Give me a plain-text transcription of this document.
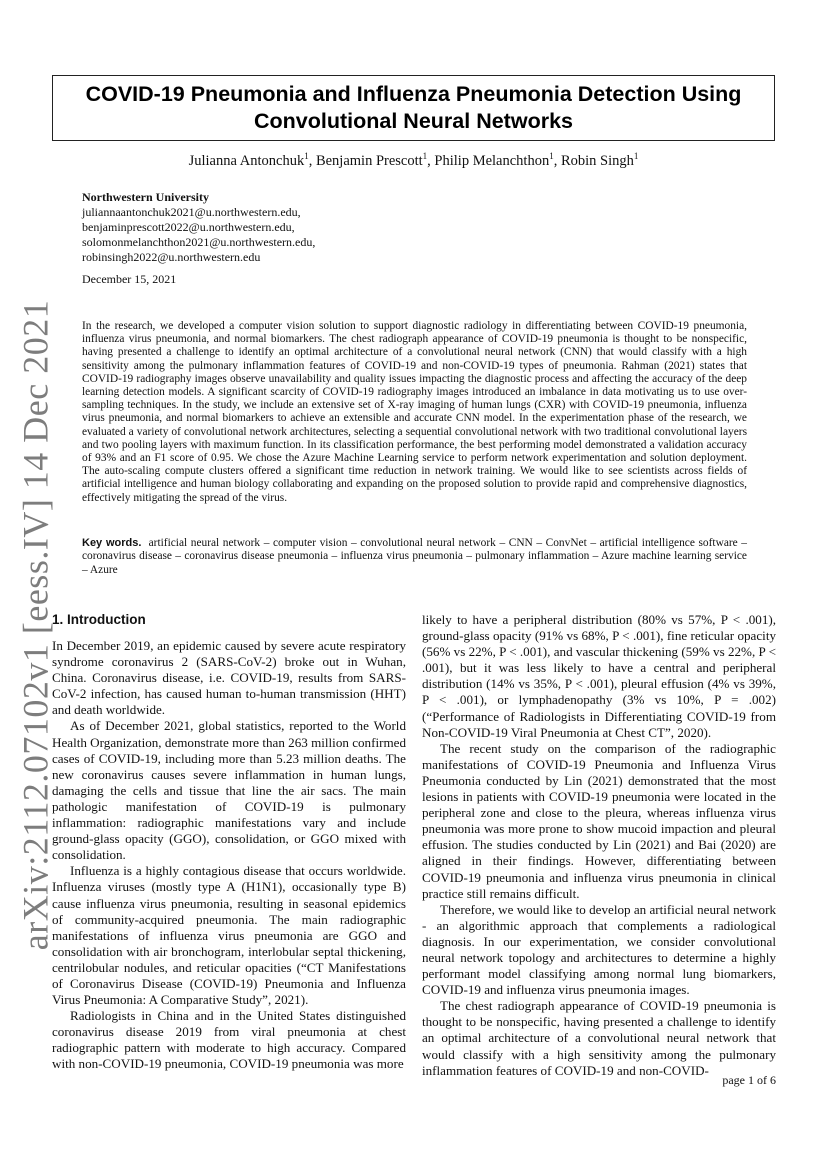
arXiv:2112.07102v1 [eess.IV] 14 Dec 2021
COVID-19 Pneumonia and Influenza Pneumonia Detection Using
Convolutional Neural Networks
Julianna Antonchuk$^1$, Benjamin Prescott$^1$, Philip Melanchthon$^1$, Robin Singh$^1$
Northwestern University
juliannaantonchuk2021@u.northwestern.edu,
benjaminprescott2022@u.northwestern.edu,
solomonmelanchthon2021@u.northwestern.edu,
robinsingh2022@u.northwestern.edu
December 15, 2021
In the research, we developed a computer vision solution to support diagnostic radiology in differentiating between COVID-19 pneumonia, influenza virus pneumonia, and normal biomarkers. The chest radiograph appearance of COVID-19 pneumonia is thought to be nonspecific, having presented a challenge to identify an optimal architecture of a convolutional neural network (CNN) that would classify with a high sensitivity among the pulmonary inflammation features of COVID-19 and non-COVID-19 types of pneumonia. Rahman (2021) states that COVID-19 radiography images observe unavailability and quality issues impacting the diagnostic process and affecting the accuracy of the deep learning detection models. A significant scarcity of COVID-19 radiography images introduced an imbalance in data motivating us to use over-sampling techniques. In the study, we include an extensive set of X-ray imaging of human lungs (CXR) with COVID-19 pneumonia, influenza virus pneumonia, and normal biomarkers to achieve an extensible and accurate CNN model. In the experimentation phase of the research, we evaluated a variety of convolutional network architectures, selecting a sequential convolutional network with two traditional convolutional layers and two pooling layers with maximum function. In its classification performance, the best performing model demonstrated a validation accuracy of 93% and an F1 score of 0.95. We chose the Azure Machine Learning service to perform network experimentation and solution deployment. The auto-scaling compute clusters offered a significant time reduction in network training. We would like to see scientists across fields of artificial intelligence and human biology collaborating and expanding on the proposed solution to provide rapid and comprehensive diagnostics, effectively mitigating the spread of the virus.
Key words. artificial neural network – computer vision – convolutional neural network – CNN – ConvNet – artificial intelligence software – coronavirus disease – coronavirus disease pneumonia – influenza virus pneumonia – pulmonary inflammation – Azure machine learning service – Azure
1. Introduction

In December 2019, an epidemic caused by severe acute respiratory syndrome coronavirus 2 (SARS-CoV-2) broke out in Wuhan, China. Coronavirus disease, i.e. COVID-19, results from SARS-CoV-2 infection, has caused human to-human transmission (HHT) and death worldwide.

As of December 2021, global statistics, reported to the World Health Organization, demonstrate more than 263 million confirmed cases of COVID-19, including more than 5.23 million deaths. The new coronavirus causes severe inflammation in human lungs, damaging the cells and tissue that line the air sacs. The main pathologic manifestation of COVID-19 is pulmonary inflammation: radiographic manifestations vary and include ground-glass opacity (GGO), consolidation, or GGO mixed with consolidation.

Influenza is a highly contagious disease that occurs worldwide. Influenza viruses (mostly type A (H1N1), occasionally type B) cause influenza virus pneumonia, resulting in seasonal epidemics of community-acquired pneumonia. The main radiographic manifestations of influenza virus pneumonia are GGO and consolidation with air bronchogram, interlobular septal thickening, centrilobular nodules, and reticular opacities (“CT Manifestations of Coronavirus Disease (COVID-19) Pneumonia and Influenza Virus Pneumonia: A Comparative Study”, 2021).

Radiologists in China and in the United States distinguished coronavirus disease 2019 from viral pneumonia at chest radiographic pattern with moderate to high accuracy. Compared with non-COVID-19 pneumonia, COVID-19 pneumonia was more

likely to have a peripheral distribution (80% vs 57%, P < .001), ground-glass opacity (91% vs 68%, P < .001), fine reticular opacity (56% vs 22%, P < .001), and vascular thickening (59% vs 22%, P < .001), but it was less likely to have a central and peripheral distribution (14% vs 35%, P < .001), pleural effusion (4% vs 39%, P < .001), or lymphadenopathy (3% vs 10%, P = .002) (“Performance of Radiologists in Differentiating COVID-19 from Non-COVID-19 Viral Pneumonia at Chest CT”, 2020).

The recent study on the comparison of the radiographic manifestations of COVID-19 Pneumonia and Influenza Virus Pneumonia conducted by Lin (2021) demonstrated that the most lesions in patients with COVID-19 pneumonia were located in the peripheral zone and close to the pleura, whereas influenza virus pneumonia was more prone to show mucoid impaction and pleural effusion. The studies conducted by Lin (2021) and Bai (2020) are aligned in their findings. However, differentiating between COVID-19 pneumonia and influenza virus pneumonia in clinical practice still remains difficult.

Therefore, we would like to develop an artificial neural network - an algorithmic approach that complements a radiological diagnosis. In our experimentation, we consider convolutional neural network topology and architectures to determine a highly performant model classifying among normal lung biomarkers, COVID-19 and influenza virus pneumonia images.

The chest radiograph appearance of COVID-19 pneumonia is thought to be nonspecific, having presented a challenge to identify an optimal architecture of a convolutional neural network that would classify with a high sensitivity among the pulmonary inflammation features of COVID-19 and non-COVID-

page 1 of 6
